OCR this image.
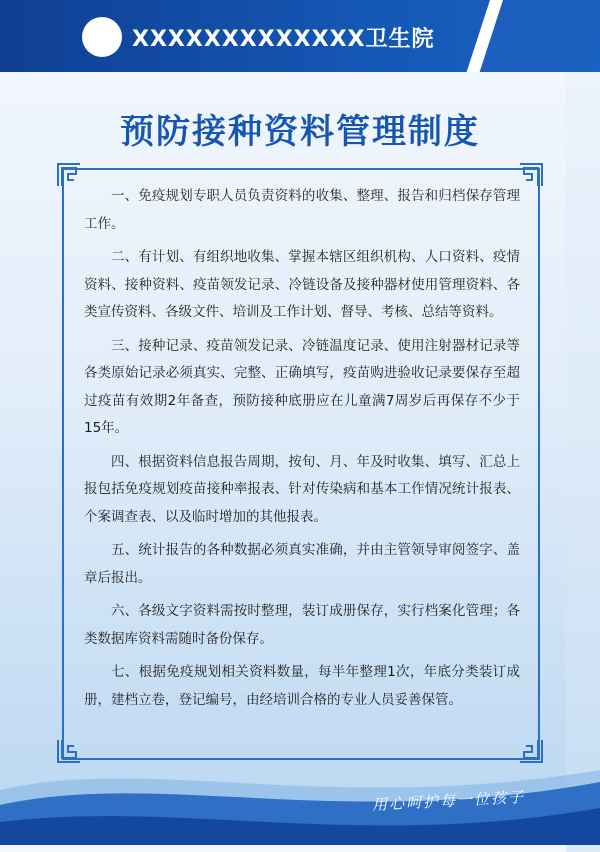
XXXXXXXXXXXXX卫生院
预防接种资料管理制度

一、免疫规划专职人员负责资料的收集、整理、报告和归档保存管理工作。

二、有计划、有组织地收集、掌握本辖区组织机构、人口资料、疫情资料、接种资料、疫苗领发记录、冷链设备及接种器材使用管理资料、各类宣传资料、各级文件、培训及工作计划、督导、考核、总结等资料。

三、接种记录、疫苗领发记录、冷链温度记录、使用注射器材记录等各类原始记录必须真实、完整、正确填写，疫苗购进验收记录要保存至超过疫苗有效期2年备查，预防接种底册应在儿童满7周岁后再保存不少于15年。

四、根据资料信息报告周期，按旬、月、年及时收集、填写、汇总上报包括免疫规划疫苗接种率报表、针对传染病和基本工作情况统计报表、个案调查表、以及临时增加的其他报表。

五、统计报告的各种数据必须真实准确，并由主管领导审阅签字、盖章后报出。

六、各级文字资料需按时整理，装订成册保存，实行档案化管理；各类数据库资料需随时备份保存。

七、根据免疫规划相关资料数量，每半年整理1次，年底分类装订成册，建档立卷，登记编号，由经培训合格的专业人员妥善保管。

用心呵护每一位孩子
